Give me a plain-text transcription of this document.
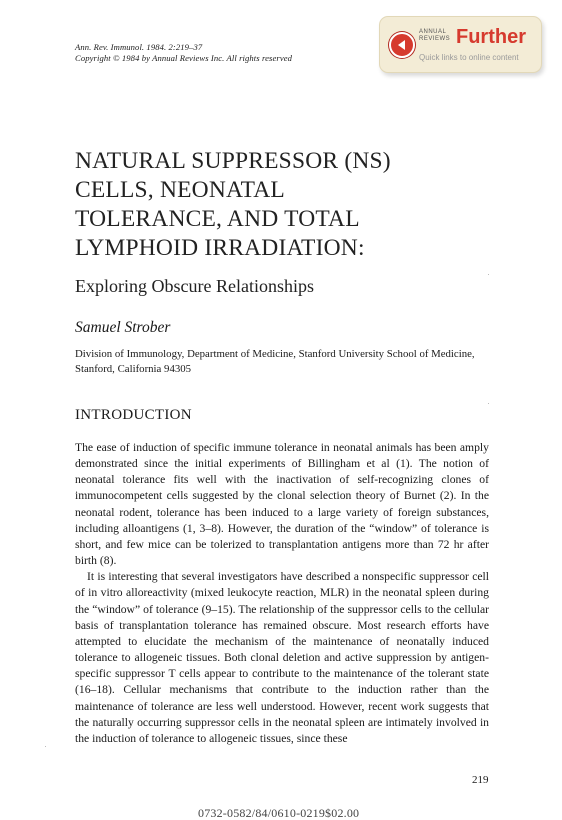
Ann. Rev. Immunol. 1984. 2:219–37
Copyright © 1984 by Annual Reviews Inc. All rights reserved
ANNUAL
REVIEWS Further
Quick links to online content
NATURAL SUPPRESSOR (NS)
CELLS, NEONATAL
TOLERANCE, AND TOTAL
LYMPHOID IRRADIATION:
Exploring Obscure Relationships
Samuel Strober
Division of Immunology, Department of Medicine, Stanford University School of Medicine, Stanford, California 94305
INTRODUCTION

The ease of induction of specific immune tolerance in neonatal animals has been amply demonstrated since the initial experiments of Billingham et al (1). The notion of neonatal tolerance fits well with the inactivation of self-recognizing clones of immunocompetent cells suggested by the clonal selection theory of Burnet (2). In the neonatal rodent, tolerance has been induced to a large variety of foreign substances, including alloantigens (1, 3–8). However, the duration of the “window” of tolerance is short, and few mice can be tolerized to transplantation antigens more than 72 hr after birth (8).

It is interesting that several investigators have described a nonspecific suppressor cell of in vitro alloreactivity (mixed leukocyte reaction, MLR) in the neonatal spleen during the “window” of tolerance (9–15). The relationship of the suppressor cells to the cellular basis of transplantation tolerance has remained obscure. Most research efforts have attempted to elucidate the mechanism of the maintenance of neonatally induced tolerance to allogeneic tissues. Both clonal deletion and active suppression by antigen-specific suppressor T cells appear to contribute to the maintenance of the tolerant state (16–18). Cellular mechanisms that contribute to the induction rather than the maintenance of tolerance are less well understood. However, recent work suggests that the naturally occurring suppressor cells in the neonatal spleen are intimately involved in the induction of tolerance to allogeneic tissues, since these

219
0732-0582/84/0610-0219$02.00
